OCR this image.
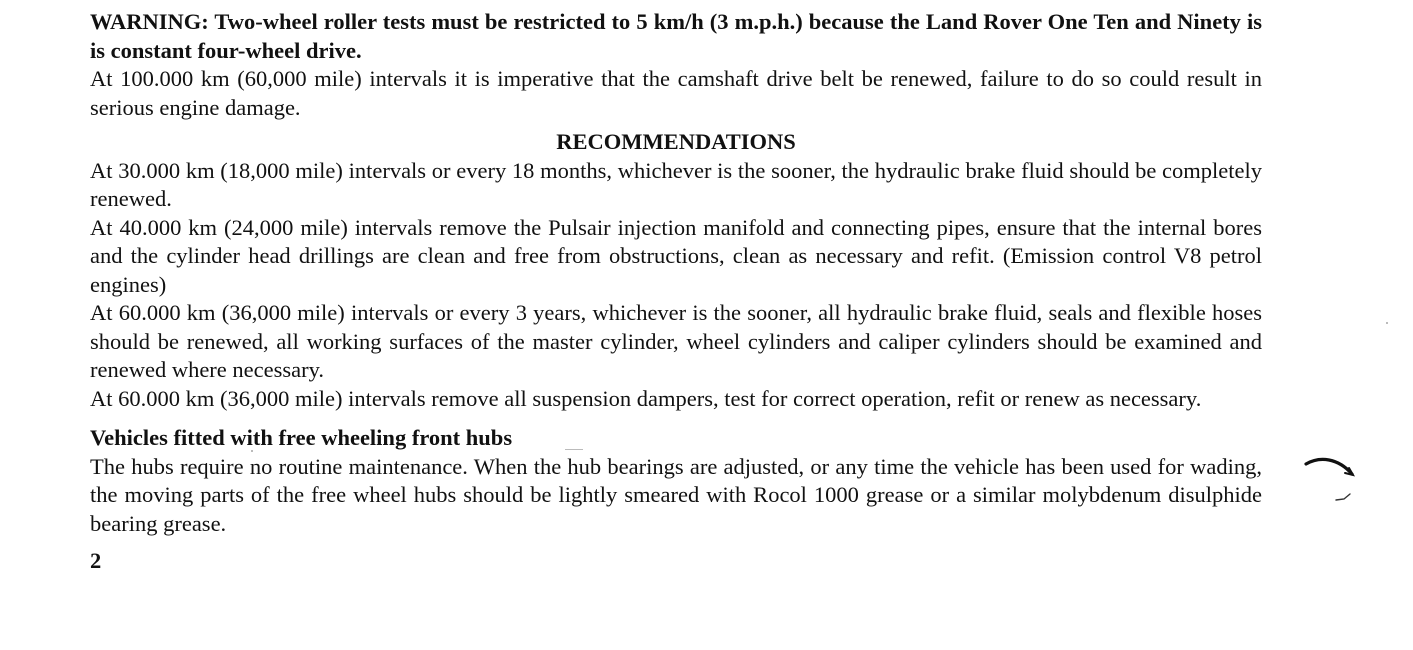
WARNING: Two-wheel roller tests must be restricted to 5 km/h (3 m.p.h.) because the Land Rover One Ten and Ninety is is constant four-wheel drive.

At 100.000 km (60,000 mile) intervals it is imperative that the camshaft drive belt be renewed, failure to do so could result in serious engine damage.

RECOMMENDATIONS

At 30.000 km (18,000 mile) intervals or every 18 months, whichever is the sooner, the hydraulic brake fluid should be completely renewed.

At 40.000 km (24,000 mile) intervals remove the Pulsair injection manifold and connecting pipes, ensure that the internal bores and the cylinder head drillings are clean and free from obstructions, clean as necessary and refit. (Emission control V8 petrol engines)

At 60.000 km (36,000 mile) intervals or every 3 years, whichever is the sooner, all hydraulic brake fluid, seals and flexible hoses should be renewed, all working surfaces of the master cylinder, wheel cylinders and caliper cylinders should be examined and renewed where necessary.

At 60.000 km (36,000 mile) intervals remove all suspension dampers, test for correct operation, refit or renew as necessary.

Vehicles fitted with free wheeling front hubs

The hubs require no routine maintenance. When the hub bearings are adjusted, or any time the vehicle has been used for wading, the moving parts of the free wheel hubs should be lightly smeared with Rocol 1000 grease or a similar molybdenum disulphide bearing grease.

2
